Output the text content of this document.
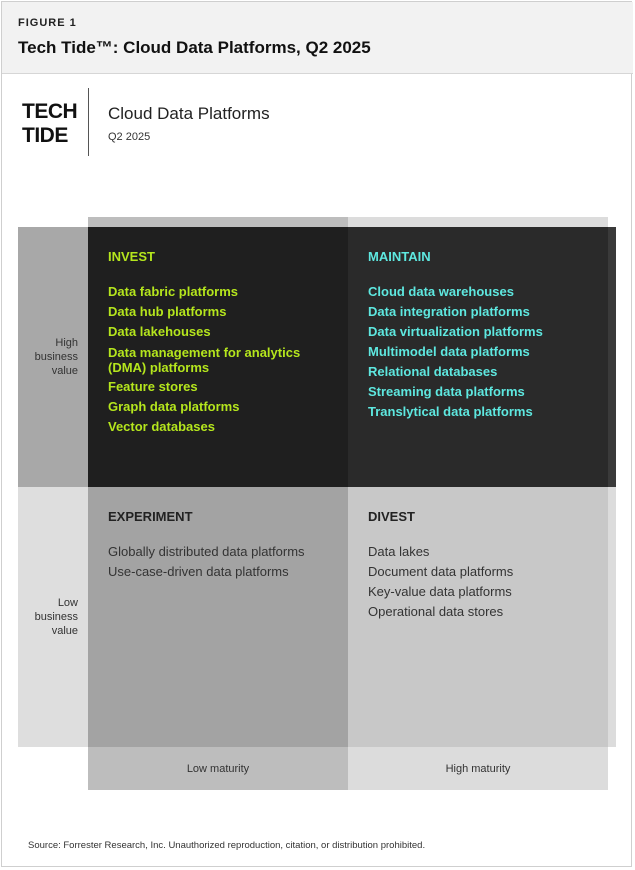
FIGURE 1
Tech Tide™: Cloud Data Platforms, Q2 2025
TECH
TIDE
Cloud Data Platforms
Q2 2025
INVEST
Data fabric platforms
Data hub platforms
Data lakehouses
Data management for analytics (DMA) platforms
Feature stores
Graph data platforms
Vector databases
MAINTAIN
Cloud data warehouses
Data integration platforms
Data virtualization platforms
Multimodel data platforms
Relational databases
Streaming data platforms
Translytical data platforms
EXPERIMENT
Globally distributed data platforms
Use-case-driven data platforms
DIVEST
Data lakes
Document data platforms
Key-value data platforms
Operational data stores
High
business
value
Low
business
value
Low maturity	High maturity
Source: Forrester Research, Inc. Unauthorized reproduction, citation, or distribution prohibited.
